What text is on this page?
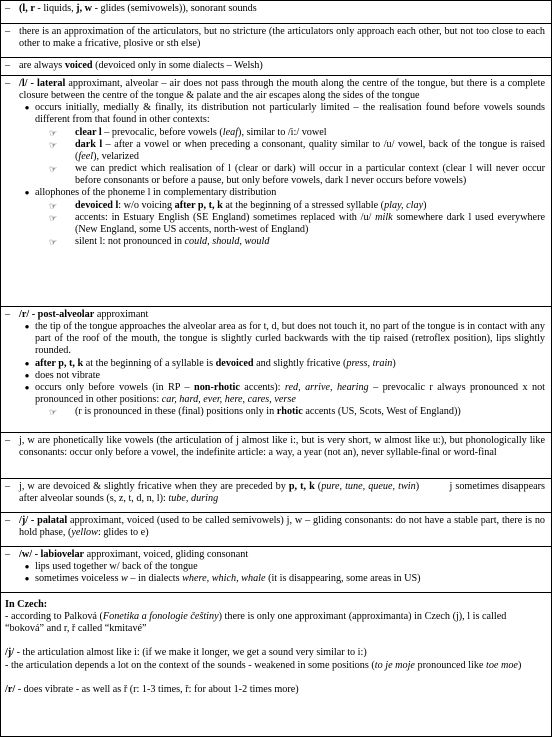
– (l, r - liquids, j, w - glides (semivowels)), sonorant sounds

– there is an approximation of the articulators, but no stricture (the articulators only approach each other, but not too close to each other to make a fricative, plosive or sth else)
– are always voiced (devoiced only in some dialects – Welsh)
– /l/ - lateral approximant, alveolar – air does not pass through the mouth along the centre of the tongue, but there is a complete closure between the centre of the tongue & palate and the air escapes along the sides of the tongue

● occurs initially, medially & finally, its distribution not particularly limited – the realisation found before vowels sounds different from that found in other contexts:
☞	clear l – prevocalic, before vowels (leaf), similar to /i:/ vowel
☞	dark l – after a vowel or when preceding a consonant, quality similar to /u/ vowel, back of the tongue is raised (feel), velarized
☞	we can predict which realisation of l (clear or dark) will occur in a particular context (clear l will never occur before consonants or before a pause, but only before vowels, dark l never occurs before vowels)
● allophones of the phoneme l in complementary distribution
☞	devoiced l: w/o voicing after p, t, k at the beginning of a stressed syllable (play, clay)
☞	accents: in Estuary English (SE England) sometimes replaced with /u/ milk somewhere dark l used everywhere (New England, some US accents, north-west of England)
☞	silent l: not pronounced in could, should, would
– /r/ - post-alveolar approximant

● the tip of the tongue approaches the alveolar area as for t, d, but does not touch it, no part of the tongue is in contact with any part of the roof of the mouth, the tongue is slightly curled backwards with the tip raised (retroflex position), lips slightly rounded.
● after p, t, k at the beginning of a syllable is devoiced and slightly fricative (press, train)
● does not vibrate
● occurs only before vowels (in RP – non-rhotic accents): red, arrive, hearing – prevocalic r always pronounced x not pronounced in other positions: car, hard, ever, here, cares, verse
☞	(r is pronounced in these (final) positions only in rhotic accents (US, Scots, West of England))
– j, w are phonetically like vowels (the articulation of j almost like i:, but is very short, w almost like u:), but phonologically like consonants: occur only before a vowel, the indefinite article: a way, a year (not an), never syllable-final or word-final
– j, w are devoiced & slightly fricative when they are preceded by p, t, k (pure, tune, queue, twin)          j sometimes disappears after alveolar sounds (s, z, t, d, n, l): tube, during
– /j/ - palatal approximant, voiced (used to be called semivowels) j, w – gliding consonants: do not have a stable part, there is no hold phase, (yellow: glides to e)
– /w/ - labiovelar approximant, voiced, gliding consonant

● lips used together w/ back of the tongue
● sometimes voiceless w – in dialects where, which, whale (it is disappearing, some areas in US)

In Czech:

- according to Palková (Fonetika a fonologie češtiny) there is only one approximant (approximanta) in Czech (j), l is called “boková” and r, ř called “kmitavé”

/j/ - the articulation almost like i: (if we make it longer, we get a sound very similar to i:)

- the articulation depends a lot on the context of the sounds - weakened in some positions (to je moje pronounced like toe moe)

/r/ - does vibrate - as well as ř (r: 1-3 times, ř: for about 1-2 times more)
